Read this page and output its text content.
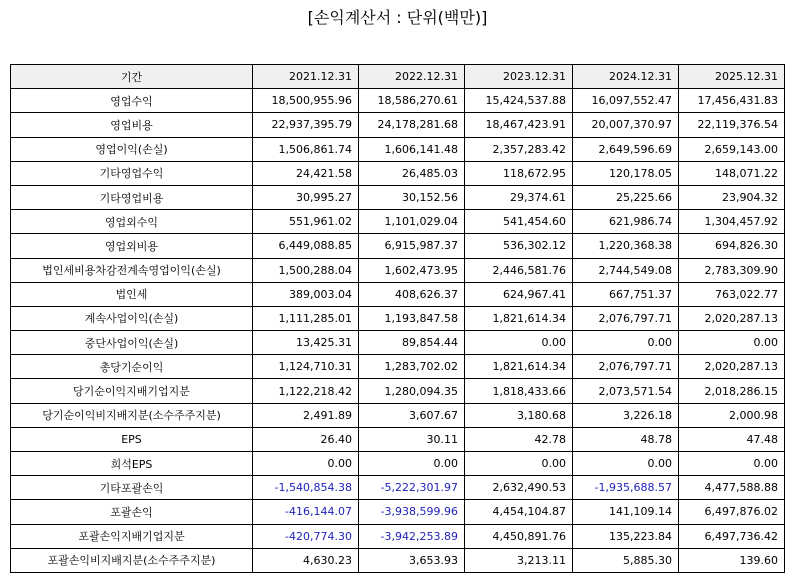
[손익계산서 : 단위(백만)]
기간	2021.12.31	2022.12.31	2023.12.31	2024.12.31	2025.12.31
영업수익	18,500,955.96	18,586,270.61	15,424,537.88	16,097,552.47	17,456,431.83
영업비용	22,937,395.79	24,178,281.68	18,467,423.91	20,007,370.97	22,119,376.54
영업이익(손실)	1,506,861.74	1,606,141.48	2,357,283.42	2,649,596.69	2,659,143.00
기타영업수익	24,421.58	26,485.03	118,672.95	120,178.05	148,071.22
기타영업비용	30,995.27	30,152.56	29,374.61	25,225.66	23,904.32
영업외수익	551,961.02	1,101,029.04	541,454.60	621,986.74	1,304,457.92
영업외비용	6,449,088.85	6,915,987.37	536,302.12	1,220,368.38	694,826.30
법인세비용차감전계속영업이익(손실)	1,500,288.04	1,602,473.95	2,446,581.76	2,744,549.08	2,783,309.90
법인세	389,003.04	408,626.37	624,967.41	667,751.37	763,022.77
계속사업이익(손실)	1,111,285.01	1,193,847.58	1,821,614.34	2,076,797.71	2,020,287.13
중단사업이익(손실)	13,425.31	89,854.44	0.00	0.00	0.00
총당기순이익	1,124,710.31	1,283,702.02	1,821,614.34	2,076,797.71	2,020,287.13
당기순이익지배기업지분	1,122,218.42	1,280,094.35	1,818,433.66	2,073,571.54	2,018,286.15
당기순이익비지배지분(소수주주지분)	2,491.89	3,607.67	3,180.68	3,226.18	2,000.98
EPS	26.40	30.11	42.78	48.78	47.48
희석EPS	0.00	0.00	0.00	0.00	0.00
기타포괄손익	-1,540,854.38	-5,222,301.97	2,632,490.53	-1,935,688.57	4,477,588.88
포괄손익	-416,144.07	-3,938,599.96	4,454,104.87	141,109.14	6,497,876.02
포괄손익지배기업지분	-420,774.30	-3,942,253.89	4,450,891.76	135,223.84	6,497,736.42
포괄손익비지배지분(소수주주지분)	4,630.23	3,653.93	3,213.11	5,885.30	139.60
